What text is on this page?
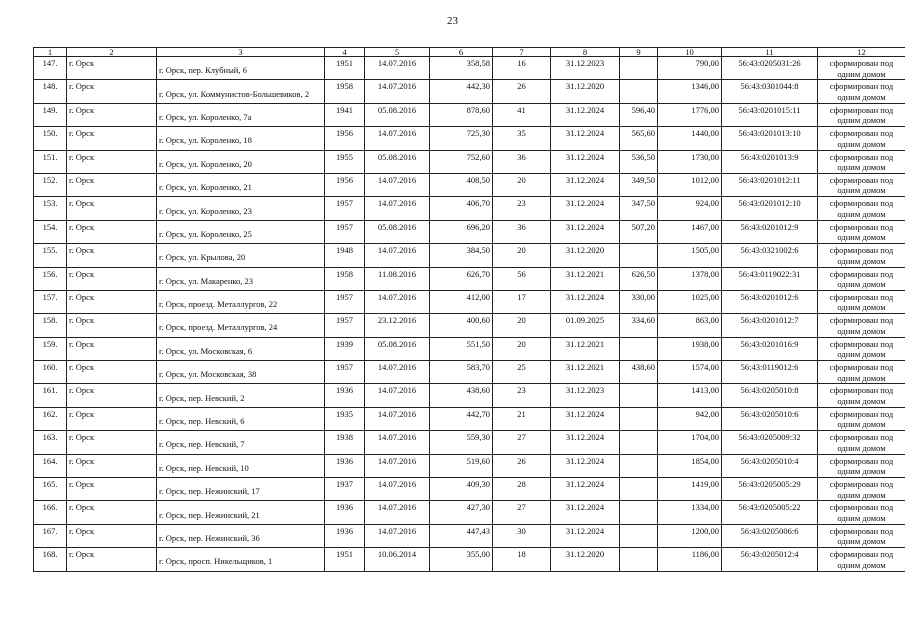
23
1	2	3	4	5	6	7	8	9	10	11	12
147.	г. Орск	г. Орск, пер. Клубный, 6	1951	14.07.2016	358,58	16	31.12.2023		790,00	56:43:0205031:26	сформирован под одним домом
148.	г. Орск	г. Орск, ул. Коммунистов-Большевиков, 2	1958	14.07.2016	442,30	26	31.12.2020		1346,00	56:43:0301044:8	сформирован под одним домом
149.	г. Орск	г. Орск, ул. Короленко, 7а	1941	05.08.2016	878,60	41	31.12.2024	596,40	1776,00	56:43:0201015:11	сформирован под одним домом
150.	г. Орск	г. Орск, ул. Короленко, 18	1956	14.07.2016	725,30	35	31.12.2024	565,60	1440,00	56:43:0201013:10	сформирован под одним домом
151.	г. Орск	г. Орск, ул. Короленко, 20	1955	05.08.2016	752,60	36	31.12.2024	536,50	1730,00	56:43:0201013:9	сформирован под одним домом
152.	г. Орск	г. Орск, ул. Короленко, 21	1956	14.07.2016	408,50	20	31.12.2024	349,50	1012,00	56:43:0201012:11	сформирован под одним домом
153.	г. Орск	г. Орск, ул. Короленко, 23	1957	14.07.2016	406,70	23	31.12.2024	347,50	924,00	56:43:0201012:10	сформирован под одним домом
154.	г. Орск	г. Орск, ул. Короленко, 25	1957	05.08.2016	696,20	36	31.12.2024	507,20	1467,00	56:43:0201012:9	сформирован под одним домом
155.	г. Орск	г. Орск, ул. Крылова, 20	1948	14.07.2016	384,50	20	31.12.2020		1505,00	56:43:0321002:6	сформирован под одним домом
156.	г. Орск	г. Орск, ул. Макаренко, 23	1958	11.08.2016	626,70	56	31.12.2021	626,50	1378,00	56:43:0119022:31	сформирован под одним домом
157.	г. Орск	г. Орск, проезд. Металлургов, 22	1957	14.07.2016	412,00	17	31.12.2024	330,00	1025,00	56:43:0201012:6	сформирован под одним домом
158.	г. Орск	г. Орск, проезд. Металлургов, 24	1957	23.12.2016	400,60	20	01.09.2025	334,60	863,00	56:43:0201012:7	сформирован под одним домом
159.	г. Орск	г. Орск, ул. Московская, 6	1939	05.08.2016	551,50	20	31.12.2021		1938,00	56:43:0201016:9	сформирован под одним домом
160.	г. Орск	г. Орск, ул. Московская, 38	1957	14.07.2016	583,70	25	31.12.2021	438,60	1574,00	56:43:0119012:6	сформирован под одним домом
161.	г. Орск	г. Орск, пер. Невский, 2	1936	14.07.2016	438,60	23	31.12.2023		1413,00	56:43:0205010:8	сформирован под одним домом
162.	г. Орск	г. Орск, пер. Невский, 6	1935	14.07.2016	442,70	21	31.12.2024		942,00	56:43:0205010:6	сформирован под одним домом
163.	г. Орск	г. Орск, пер. Невский, 7	1938	14.07.2016	559,30	27	31.12.2024		1704,00	56:43:0205009:32	сформирован под одним домом
164.	г. Орск	г. Орск, пер. Невский, 10	1936	14.07.2016	519,60	26	31.12.2024		1854,00	56:43:0205010:4	сформирован под одним домом
165.	г. Орск	г. Орск, пер. Нежинский, 17	1937	14.07.2016	409,30	28	31.12.2024		1419,00	56:43:0205005:29	сформирован под одним домом
166.	г. Орск	г. Орск, пер. Нежинский, 21	1936	14.07.2016	427,30	27	31.12.2024		1334,00	56:43:0205005:22	сформирован под одним домом
167.	г. Орск	г. Орск, пер. Нежинский, 36	1936	14.07.2016	447,43	30	31.12.2024		1200,00	56:43:0205006:6	сформирован под одним домом
168.	г. Орск	г. Орск, просп. Никельщиков, 1	1951	10.06.2014	355,00	18	31.12.2020		1186,00	56:43:0205012:4	сформирован под одним домом
